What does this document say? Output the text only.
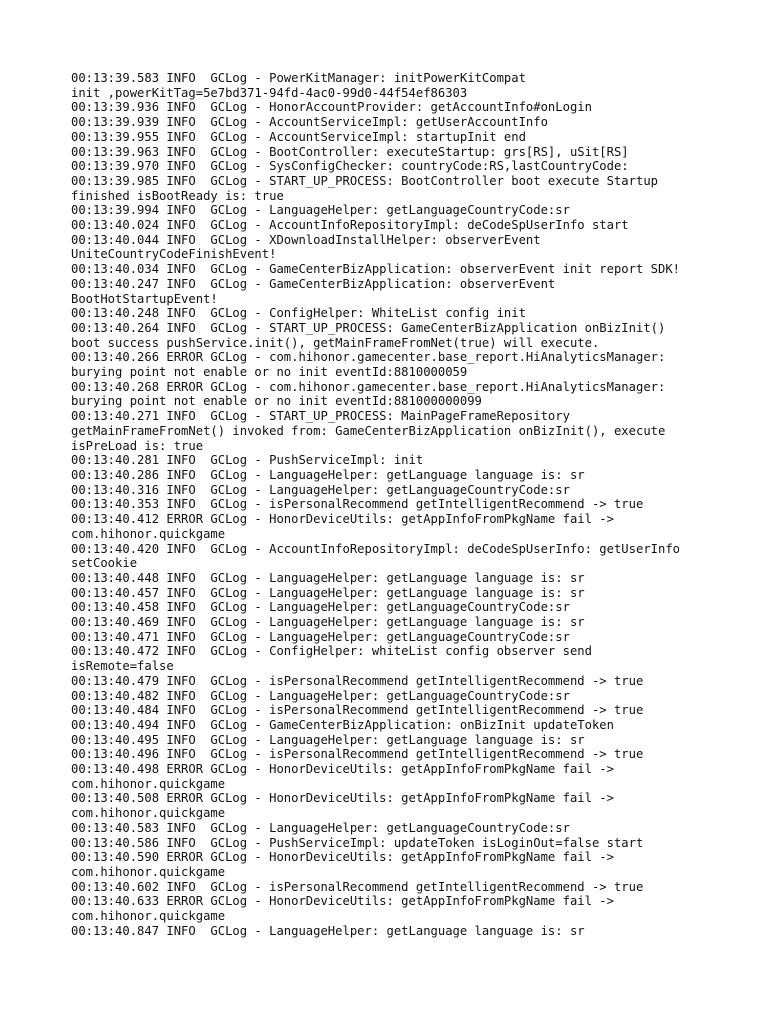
00:13:39.583 INFO  GCLog - PowerKitManager: initPowerKitCompat
init ,powerKitTag=5e7bd371-94fd-4ac0-99d0-44f54ef86303
00:13:39.936 INFO  GCLog - HonorAccountProvider: getAccountInfo#onLogin
00:13:39.939 INFO  GCLog - AccountServiceImpl: getUserAccountInfo
00:13:39.955 INFO  GCLog - AccountServiceImpl: startupInit end
00:13:39.963 INFO  GCLog - BootController: executeStartup: grs[RS], uSit[RS]
00:13:39.970 INFO  GCLog - SysConfigChecker: countryCode:RS,lastCountryCode:
00:13:39.985 INFO  GCLog - START_UP_PROCESS: BootController boot execute Startup
finished isBootReady is: true
00:13:39.994 INFO  GCLog - LanguageHelper: getLanguageCountryCode:sr
00:13:40.024 INFO  GCLog - AccountInfoRepositoryImpl: deCodeSpUserInfo start
00:13:40.044 INFO  GCLog - XDownloadInstallHelper: observerEvent
UniteCountryCodeFinishEvent!
00:13:40.034 INFO  GCLog - GameCenterBizApplication: observerEvent init report SDK!
00:13:40.247 INFO  GCLog - GameCenterBizApplication: observerEvent
BootHotStartupEvent!
00:13:40.248 INFO  GCLog - ConfigHelper: WhiteList config init
00:13:40.264 INFO  GCLog - START_UP_PROCESS: GameCenterBizApplication onBizInit()
boot success pushService.init(), getMainFrameFromNet(true) will execute.
00:13:40.266 ERROR GCLog - com.hihonor.gamecenter.base_report.HiAnalyticsManager:
burying point not enable or no init eventId:8810000059
00:13:40.268 ERROR GCLog - com.hihonor.gamecenter.base_report.HiAnalyticsManager:
burying point not enable or no init eventId:881000000099
00:13:40.271 INFO  GCLog - START_UP_PROCESS: MainPageFrameRepository
getMainFrameFromNet() invoked from: GameCenterBizApplication onBizInit(), execute
isPreLoad is: true
00:13:40.281 INFO  GCLog - PushServiceImpl: init
00:13:40.286 INFO  GCLog - LanguageHelper: getLanguage language is: sr
00:13:40.316 INFO  GCLog - LanguageHelper: getLanguageCountryCode:sr
00:13:40.353 INFO  GCLog - isPersonalRecommend getIntelligentRecommend -> true
00:13:40.412 ERROR GCLog - HonorDeviceUtils: getAppInfoFromPkgName fail ->
com.hihonor.quickgame
00:13:40.420 INFO  GCLog - AccountInfoRepositoryImpl: deCodeSpUserInfo: getUserInfo
setCookie
00:13:40.448 INFO  GCLog - LanguageHelper: getLanguage language is: sr
00:13:40.457 INFO  GCLog - LanguageHelper: getLanguage language is: sr
00:13:40.458 INFO  GCLog - LanguageHelper: getLanguageCountryCode:sr
00:13:40.469 INFO  GCLog - LanguageHelper: getLanguage language is: sr
00:13:40.471 INFO  GCLog - LanguageHelper: getLanguageCountryCode:sr
00:13:40.472 INFO  GCLog - ConfigHelper: whiteList config observer send
isRemote=false
00:13:40.479 INFO  GCLog - isPersonalRecommend getIntelligentRecommend -> true
00:13:40.482 INFO  GCLog - LanguageHelper: getLanguageCountryCode:sr
00:13:40.484 INFO  GCLog - isPersonalRecommend getIntelligentRecommend -> true
00:13:40.494 INFO  GCLog - GameCenterBizApplication: onBizInit updateToken
00:13:40.495 INFO  GCLog - LanguageHelper: getLanguage language is: sr
00:13:40.496 INFO  GCLog - isPersonalRecommend getIntelligentRecommend -> true
00:13:40.498 ERROR GCLog - HonorDeviceUtils: getAppInfoFromPkgName fail ->
com.hihonor.quickgame
00:13:40.508 ERROR GCLog - HonorDeviceUtils: getAppInfoFromPkgName fail ->
com.hihonor.quickgame
00:13:40.583 INFO  GCLog - LanguageHelper: getLanguageCountryCode:sr
00:13:40.586 INFO  GCLog - PushServiceImpl: updateToken isLoginOut=false start
00:13:40.590 ERROR GCLog - HonorDeviceUtils: getAppInfoFromPkgName fail ->
com.hihonor.quickgame
00:13:40.602 INFO  GCLog - isPersonalRecommend getIntelligentRecommend -> true
00:13:40.633 ERROR GCLog - HonorDeviceUtils: getAppInfoFromPkgName fail ->
com.hihonor.quickgame
00:13:40.847 INFO  GCLog - LanguageHelper: getLanguage language is: sr
